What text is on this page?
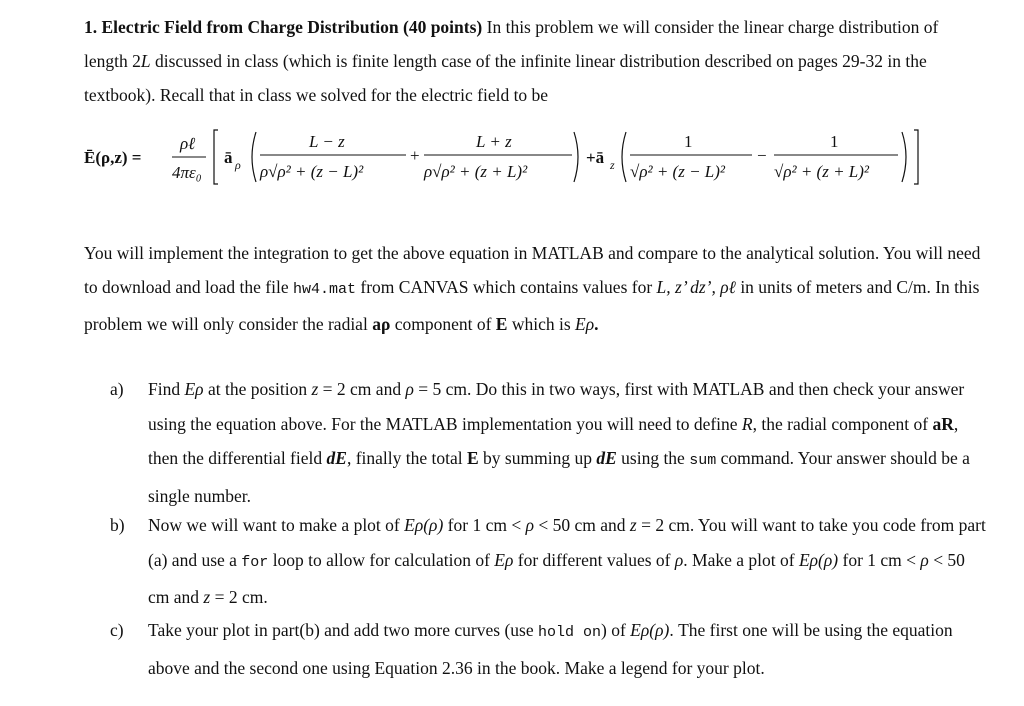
1. Electric Field from Charge Distribution (40 points) In this problem we will consider the linear charge distribution of length 2L discussed in class (which is finite length case of the infinite linear distribution described on pages 29-32 in the textbook). Recall that in class we solved for the electric field to be

Ē(ρ,z) =
ρℓ
4πε₀
ā ρ
L − z
ρ√ρ² + (z − L)²
+
L + z
ρ√ρ² + (z + L)²
+ā z
1
√ρ² + (z − L)²
−
1
√ρ² + (z + L)²

You will implement the integration to get the above equation in MATLAB and compare to the analytical solution. You will need to download and load the file hw4.mat from CANVAS which contains values for L, z’ dz’, ρℓ in units of meters and C/m. In this problem we will only consider the radial aρ component of E which is Eρ.

a)	Find Eρ at the position z = 2 cm and ρ = 5 cm. Do this in two ways, first with MATLAB and then check your answer using the equation above. For the MATLAB implementation you will need to define R, the radial component of aR, then the differential field dE, finally the total E by summing up dE using the sum command. Your answer should be a single number.

b)	Now we will want to make a plot of Eρ(ρ) for 1 cm < ρ < 50 cm and z = 2 cm. You will want to take you code from part (a) and use a for loop to allow for calculation of Eρ for different values of ρ. Make a plot of Eρ(ρ) for 1 cm < ρ < 50 cm and z = 2 cm.

c)	Take your plot in part(b) and add two more curves (use hold on) of Eρ(ρ). The first one will be using the equation above and the second one using Equation 2.36 in the book. Make a legend for your plot.
